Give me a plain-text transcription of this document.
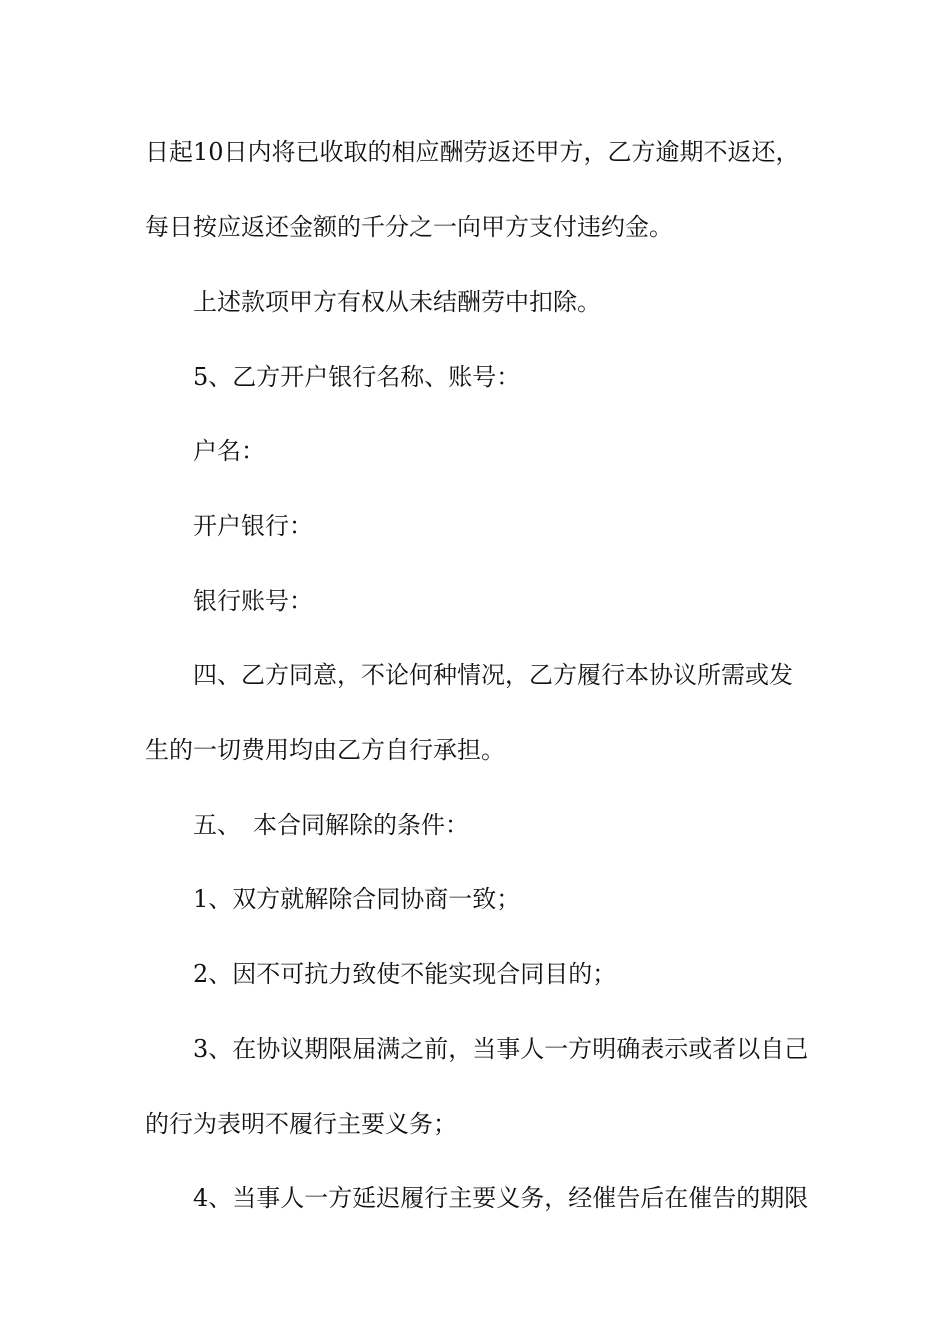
日起10日内将已收取的相应酬劳返还甲方，乙方逾期不返还，
每日按应返还金额的千分之一向甲方支付违约金。
上述款项甲方有权从未结酬劳中扣除。
5、乙方开户银行名称、账号：
户名：
开户银行：
银行账号：
四、乙方同意，不论何种情况，乙方履行本协议所需或发
生的一切费用均由乙方自行承担。
五、　本合同解除的条件：
1、双方就解除合同协商一致；
2、因不可抗力致使不能实现合同目的；
3、在协议期限届满之前，当事人一方明确表示或者以自己
的行为表明不履行主要义务；
4、当事人一方延迟履行主要义务，经催告后在催告的期限
